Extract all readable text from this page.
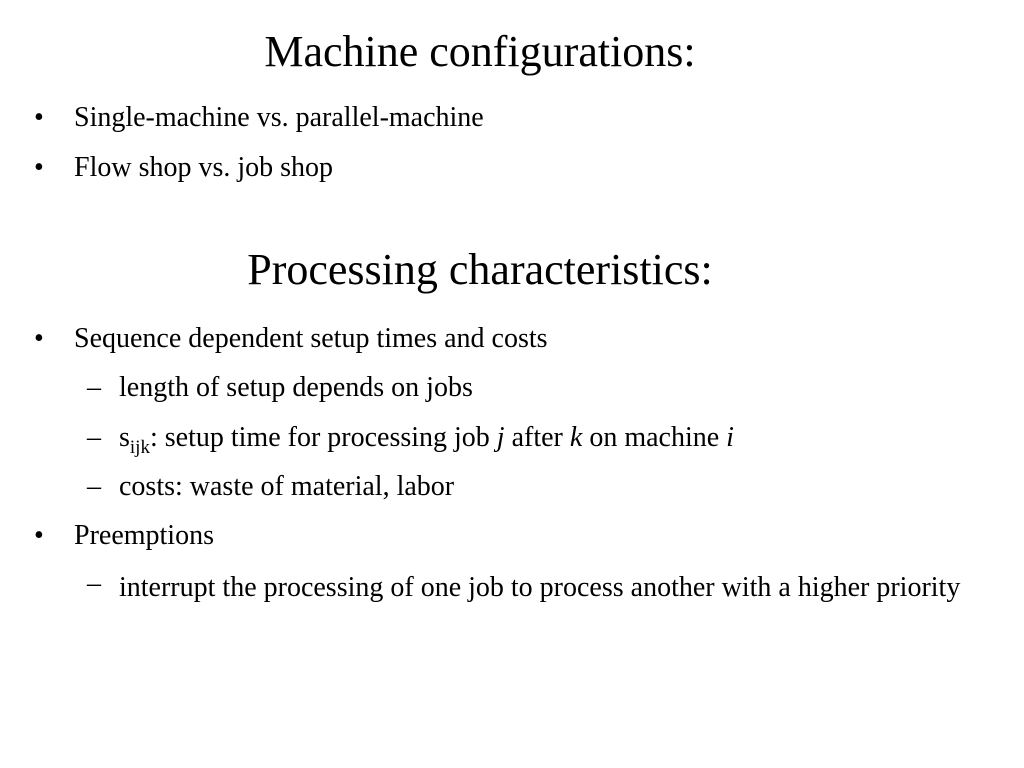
Machine configurations:
• Single-machine vs. parallel-machine
• Flow shop vs. job shop
Processing characteristics:
• Sequence dependent setup times and costs
– length of setup depends on jobs
– $s_{ijk}$: setup time for processing job j after k on machine i
– costs: waste of material, labor
• Preemptions
– interrupt the processing of one job to process another with a higher priority
